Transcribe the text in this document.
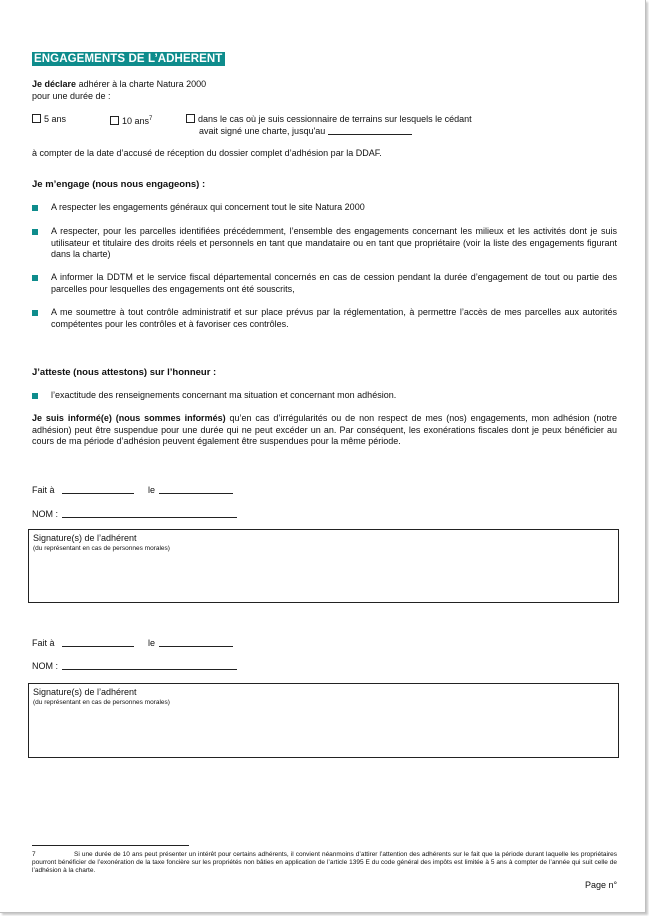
ENGAGEMENTS DE L’ADHERENT
Je déclare adhérer à la charte Natura 2000
pour une durée de :
5 ans	10 ans$^7$	dans le cas où je suis cessionnaire de terrains sur lesquels le cédant
avait signé une charte, jusqu'au
à compter de la date d’accusé de réception du dossier complet d’adhésion par la DDAF.
Je m’engage (nous nous engageons) :
A respecter les engagements généraux qui concernent tout le site Natura 2000
A respecter, pour les parcelles identifiées précédemment, l’ensemble des engagements concernant les milieux et les activités dont je suis utilisateur et titulaire des droits réels et personnels en tant que mandataire ou en tant que propriétaire (voir la liste des engagements figurant dans la charte)
A informer la DDTM et le service fiscal départemental concernés en cas de cession pendant la durée d’engagement de tout ou partie des parcelles pour lesquelles des engagements ont été souscrits,
A me soumettre à tout contrôle administratif et sur place prévus par la réglementation, à permettre l’accès de mes parcelles aux autorités compétentes pour les contrôles et à favoriser ces contrôles.
J’atteste (nous attestons) sur l’honneur :
l’exactitude des renseignements concernant ma situation et concernant mon adhésion.
Je suis informé(e) (nous sommes informés) qu’en cas d’irrégularités ou de non respect de mes (nos) engagements, mon adhésion (notre adhésion) peut être suspendue pour une durée qui ne peut excéder un an. Par conséquent, les exonérations fiscales dont je peux bénéficier au cours de ma période d’adhésion peuvent également être suspendues pour la même période.
Fait à	le
NOM :
Signature(s) de l’adhérent
(du représentant en cas de personnes morales)
Fait à	le
NOM :
Signature(s) de l’adhérent
(du représentant en cas de personnes morales)
7	Si une durée de 10 ans peut présenter un intérêt pour certains adhérents, il convient néanmoins d’attirer l’attention des adhérents sur le fait que la période durant laquelle les propriétaires pourront bénéficier de l’exonération de la taxe foncière sur les propriétés non bâties en application de l’article 1395 E du code général des impôts est limitée à 5 ans à compter de l’année qui suit celle de l’adhésion à la charte.
Page n°
